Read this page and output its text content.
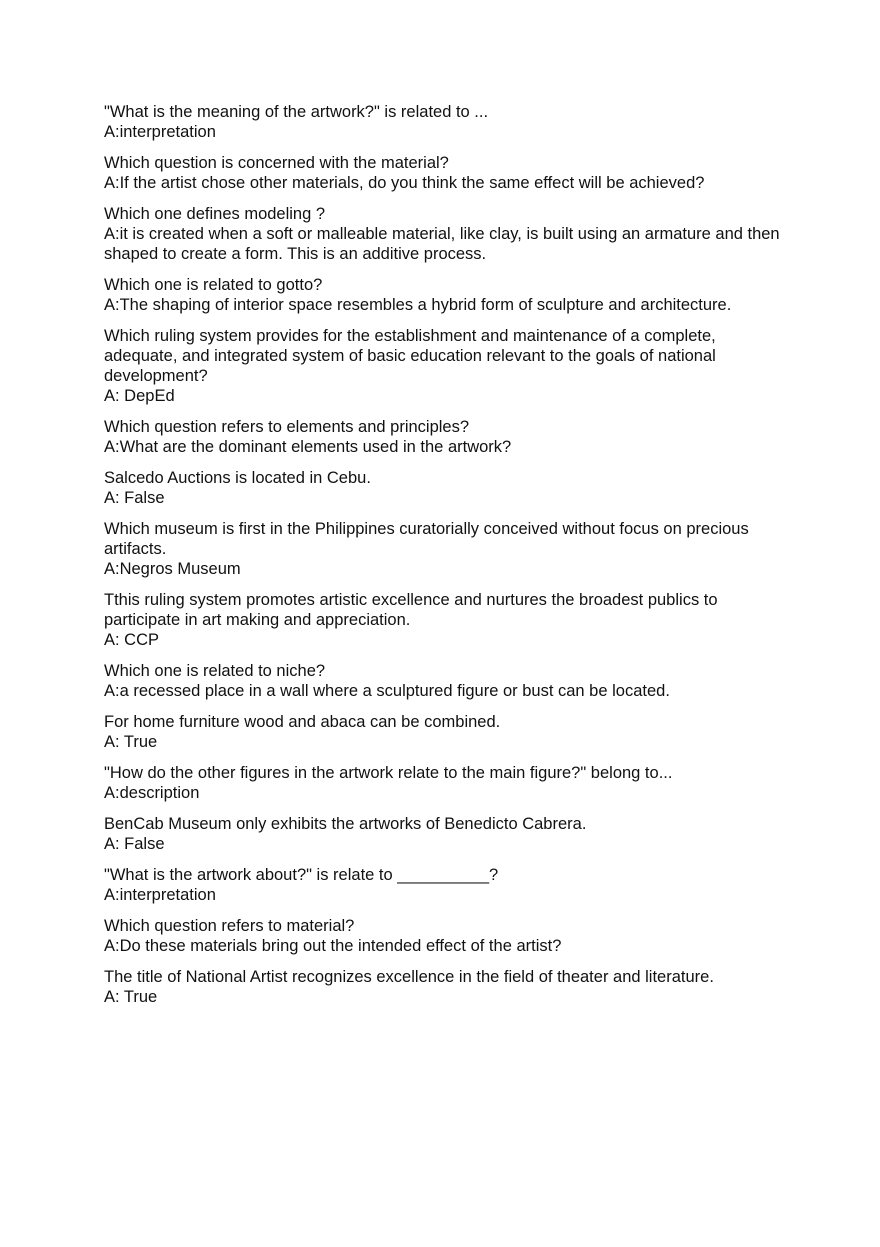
"What is the meaning of the artwork?" is related to ...
A:interpretation
Which question is concerned with the material?
A:If the artist chose other materials, do you think the same effect will be achieved?
Which one defines modeling ?
A:it is created when a soft or malleable material, like clay, is built using an armature and then shaped to create a form. This is an additive process.
Which one is related to gotto?
A:The shaping of interior space resembles a hybrid form of sculpture and architecture.
Which ruling system provides for the establishment and maintenance of a complete, adequate, and integrated system of basic education relevant to the goals of national development?
A: DepEd
Which question refers to elements and principles?
A:What are the dominant elements used in the artwork?
Salcedo Auctions is located in Cebu.
A: False
Which museum is first in the Philippines curatorially conceived without focus on precious artifacts.
A:Negros Museum
Tthis ruling system promotes artistic excellence and nurtures the broadest publics to participate in art making and appreciation.
A: CCP
Which one is related to niche?
A:a recessed place in a wall where a sculptured figure or bust can be located.
For home furniture wood and abaca can be combined.
A: True
"How do the other figures in the artwork relate to the main figure?" belong to...
A:description
BenCab Museum only exhibits the artworks of Benedicto Cabrera.
A: False
"What is the artwork about?" is relate to __________?
A:interpretation
Which question refers to material?
A:Do these materials bring out the intended effect of the artist?
The title of National Artist recognizes excellence in the field of theater and literature.
A: True
